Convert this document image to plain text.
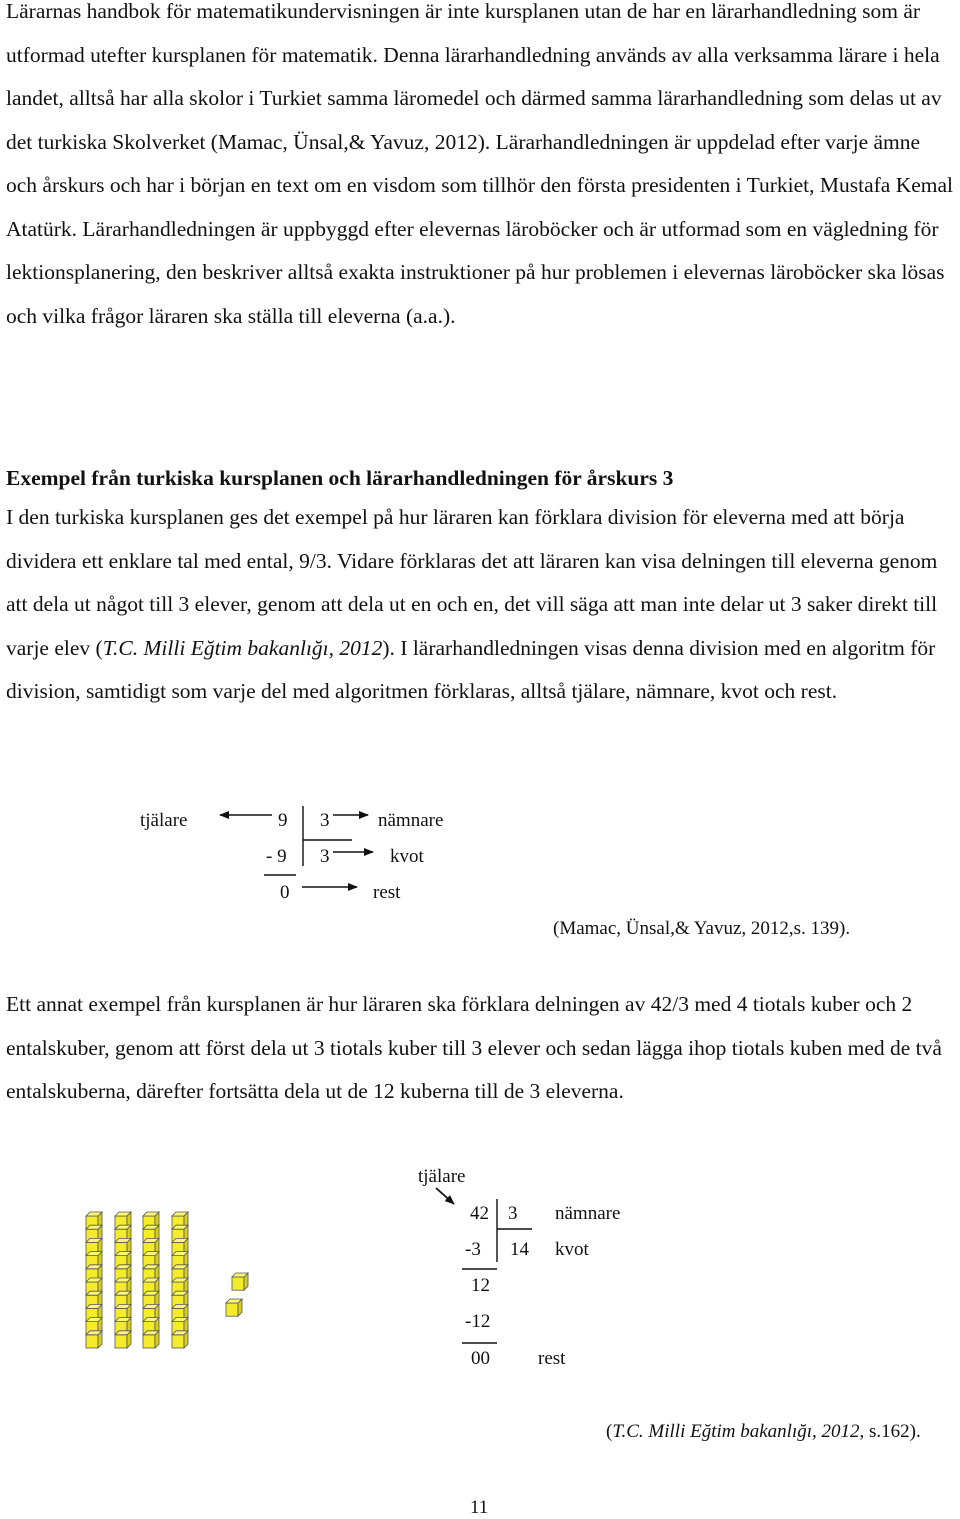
Lärarnas handbok för matematikundervisningen är inte kursplanen utan de har en lärarhandledning som är utformad utefter kursplanen för matematik. Denna lärarhandledning används av alla verksamma lärare i hela landet, alltså har alla skolor i Turkiet samma läromedel och därmed samma lärarhandledning som delas ut av det turkiska Skolverket (Mamac, Ünsal,& Yavuz, 2012). Lärarhandledningen är uppdelad efter varje ämne och årskurs och har i början en text om en visdom som tillhör den första presidenten i Turkiet, Mustafa Kemal Atatürk. Lärarhandledningen är uppbyggd efter elevernas läroböcker och är utformad som en vägledning för lektionsplanering, den beskriver alltså exakta instruktioner på hur problemen i elevernas läroböcker ska lösas och vilka frågor läraren ska ställa till eleverna (a.a.).
Exempel från turkiska kursplanen och lärarhandledningen för årskurs 3
I den turkiska kursplanen ges det exempel på hur läraren kan förklara division för eleverna med att börja dividera ett enklare tal med ental, 9/3. Vidare förklaras det att läraren kan visa delningen till eleverna genom att dela ut något till 3 elever, genom att dela ut en och en, det vill säga att man inte delar ut 3 saker direkt till varje elev (T.C. Milli Eğtim bakanlığı, 2012). I lärarhandledningen visas denna division med en algoritm för division, samtidigt som varje del med algoritmen förklaras, alltså tjälare, nämnare, kvot och rest.
tjälare	9 3	nämnare
- 9 3	kvot
0	rest
(Mamac, Ünsal,& Yavuz, 2012,s. 139).
Ett annat exempel från kursplanen är hur läraren ska förklara delningen av 42/3 med 4 tiotals kuber och 2 entalskuber, genom att först dela ut 3 tiotals kuber till 3 elever och sedan lägga ihop tiotals kuben med de två entalskuberna, därefter fortsätta dela ut de 12 kuberna till de 3 eleverna.
tjälare
42 3 nämnare
-3 14 kvot
12
-12
00	rest
(T.C. Milli Eğtim bakanlığı, 2012, s.162).
11
